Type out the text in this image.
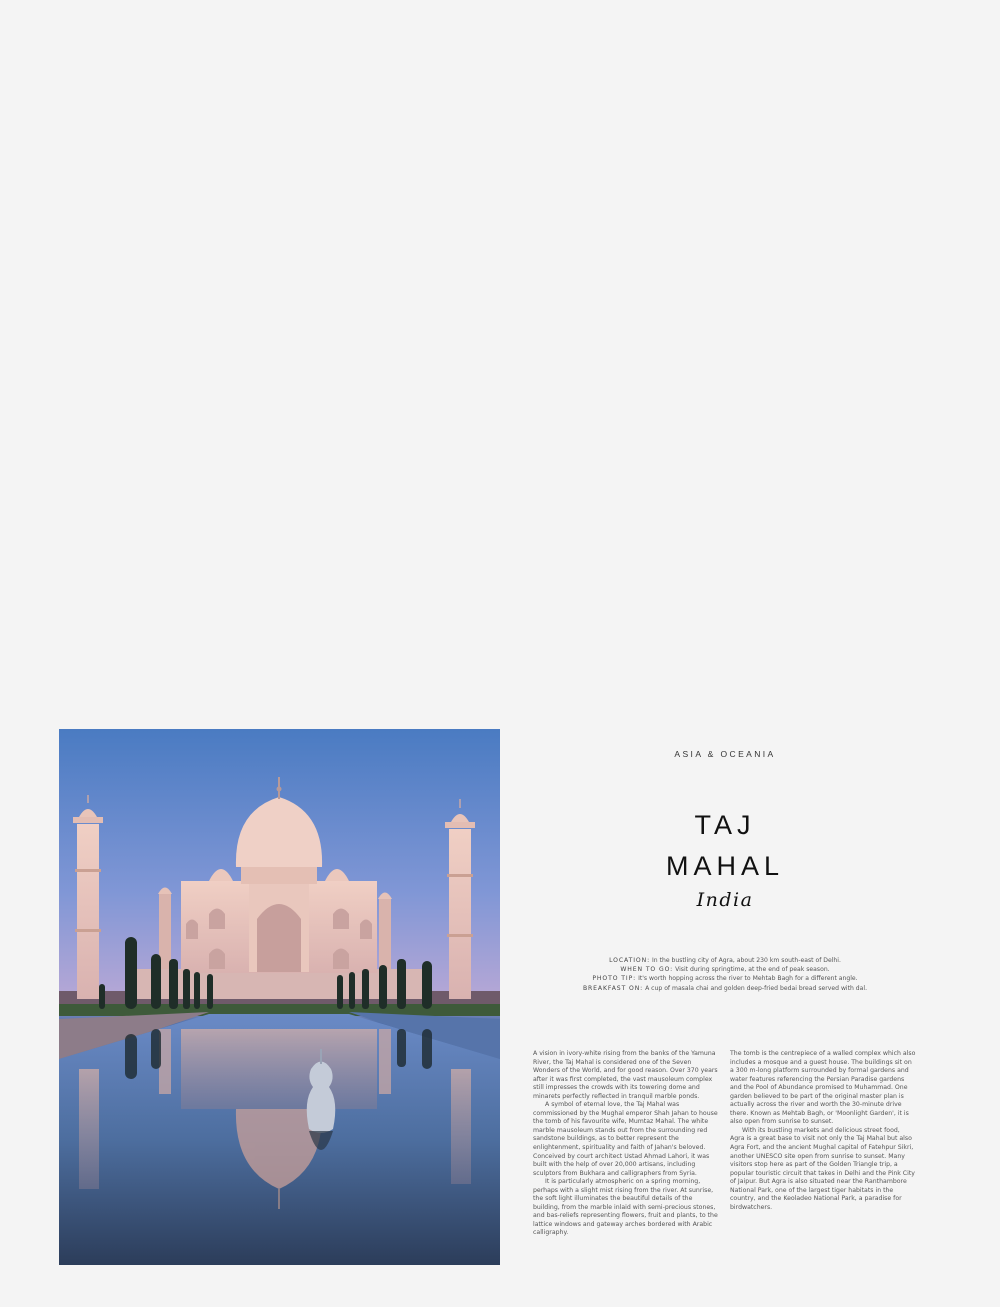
ASIA & OCEANIA
TAJ
MAHAL
India
LOCATION: In the bustling city of Agra, about 230 km south-east of Delhi.
WHEN TO GO: Visit during springtime, at the end of peak season.
PHOTO TIP: It's worth hopping across the river to Mehtab Bagh for a different angle.
BREAKFAST ON: A cup of masala chai and golden deep-fried bedai bread served with dal.

A vision in ivory-white rising from the banks of the Yamuna River, the Taj Mahal is considered one of the Seven Wonders of the World, and for good reason. Over 370 years after it was first completed, the vast mausoleum complex still impresses the crowds with its towering dome and minarets perfectly reflected in tranquil marble ponds.

A symbol of eternal love, the Taj Mahal was commissioned by the Mughal emperor Shah Jahan to house the tomb of his favourite wife, Mumtaz Mahal. The white marble mausoleum stands out from the surrounding red sandstone buildings, as to better represent the enlightenment, spirituality and faith of Jahan's beloved. Conceived by court architect Ustad Ahmad Lahori, it was built with the help of over 20,000 artisans, including sculptors from Bukhara and calligraphers from Syria.

It is particularly atmospheric on a spring morning, perhaps with a slight mist rising from the river. At sunrise, the soft light illuminates the beautiful details of the building, from the marble inlaid with semi-precious stones, and bas-reliefs representing flowers, fruit and plants, to the lattice windows and gateway arches bordered with Arabic calligraphy.

The tomb is the centrepiece of a walled complex which also includes a mosque and a guest house. The buildings sit on a 300 m-long platform surrounded by formal gardens and water features referencing the Persian Paradise gardens and the Pool of Abundance promised to Muhammad. One garden believed to be part of the original master plan is actually across the river and worth the 30-minute drive there. Known as Mehtab Bagh, or 'Moonlight Garden', it is also open from sunrise to sunset.

With its bustling markets and delicious street food, Agra is a great base to visit not only the Taj Mahal but also Agra Fort, and the ancient Mughal capital of Fatehpur Sikri, another UNESCO site open from sunrise to sunset. Many visitors stop here as part of the Golden Triangle trip, a popular touristic circuit that takes in Delhi and the Pink City of Jaipur. But Agra is also situated near the Ranthambore National Park, one of the largest tiger habitats in the country, and the Keoladeo National Park, a paradise for birdwatchers.
